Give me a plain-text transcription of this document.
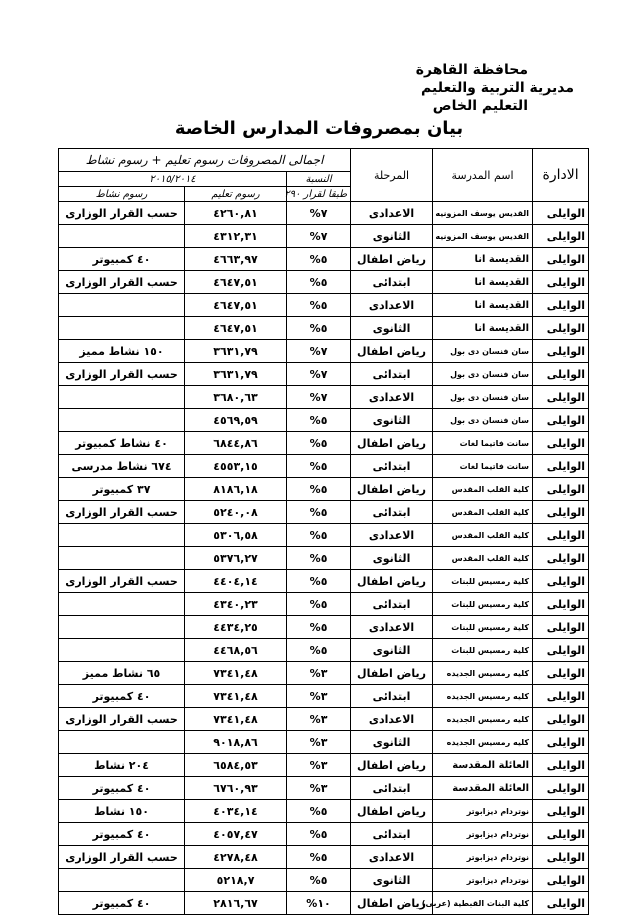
محافظة القاهرة
مديرية التربية والتعليم
التعليم الخاص
بيان بمصروفات المدارس الخاصة
الادارة	اسم المدرسة	المرحلة	اجمالى المصروفات رسوم تعليم + رسوم نشاط		
			النسبة	٢٠١٥/٢٠١٤	
			طبقا لقرار ٢٩٠	رسوم تعليم	رسوم نشاط
الوايلى	القديس يوسف المزونيه	الاعدادى	٧%	٤٢٦٠,٨١	حسب القرار الوزارى
الوايلى	القديس يوسف المزونيه	الثانوى	٧%	٤٣١٢,٣١	
الوايلى	القديسة انا	رياض اطفال	٥%	٤٦٦٣,٩٧	٤٠ كمبيوتر
الوايلى	القديسة انا	ابتدائى	٥%	٤٦٤٧,٥١	حسب القرار الوزارى
الوايلى	القديسة انا	الاعدادى	٥%	٤٦٤٧,٥١	
الوايلى	القديسة انا	الثانوى	٥%	٤٦٤٧,٥١	
الوايلى	سان فنسان دى بول	رياض اطفال	٧%	٣٦٣١,٧٩	١٥٠ نشاط مميز
الوايلى	سان فنسان دى بول	ابتدائى	٧%	٣٦٣١,٧٩	حسب القرار الوزارى
الوايلى	سان فنسان دى بول	الاعدادى	٧%	٣٦٨٠,٦٣	
الوايلى	سان فنسان دى بول	الثانوى	٥%	٤٥٦٩,٥٩	
الوايلى	سانت فاتيما لغات	رياض اطفال	٥%	٦٨٤٤,٨٦	٤٠ نشاط كمبيوتر
الوايلى	سانت فاتيما لغات	ابتدائى	٥%	٤٥٥٣,١٥	٦٧٤ نشاط مدرسى
الوايلى	كلية القلب المقدس	رياض اطفال	٥%	٨١٨٦,١٨	٣٧ كمبيوتر
الوايلى	كلية القلب المقدس	ابتدائى	٥%	٥٢٤٠,٠٨	حسب القرار الوزارى
الوايلى	كلية القلب المقدس	الاعدادى	٥%	٥٣٠٦,٥٨	
الوايلى	كلية القلب المقدس	الثانوى	٥%	٥٣٧٦,٢٧	
الوايلى	كلية رمسيس للبنات	رياض اطفال	٥%	٤٤٠٤,١٤	حسب القرار الوزارى
الوايلى	كلية رمسيس للبنات	ابتدائى	٥%	٤٣٤٠,٢٣	
الوايلى	كلية رمسيس للبنات	الاعدادى	٥%	٤٤٣٤,٢٥	
الوايلى	كلية رمسيس للبنات	الثانوى	٥%	٤٤٦٨,٥٦	
الوايلى	كليه رمسيس الجديده	رياض اطفال	٣%	٧٣٤١,٤٨	٦٥ نشاط مميز
الوايلى	كليه رمسيس الجديده	ابتدائى	٣%	٧٣٤١,٤٨	٤٠ كمبيوتر
الوايلى	كليه رمسيس الجديده	الاعدادى	٣%	٧٣٤١,٤٨	حسب القرار الوزارى
الوايلى	كليه رمسيس الجديده	الثانوى	٣%	٩٠١٨,٨٦	
الوايلى	العائلة المقدسة	رياض اطفال	٣%	٦٥٨٤,٥٣	٢٠٤ نشاط
الوايلى	العائلة المقدسة	ابتدائى	٣%	٦٧٦٠,٩٣	٤٠ كمبيوتر
الوايلى	نوتردام ديزابوتر	رياض اطفال	٥%	٤٠٣٤,١٤	١٥٠ نشاط
الوايلى	نوتردام ديزابوتر	ابتدائى	٥%	٤٠٥٧,٤٧	٤٠ كمبيوتر
الوايلى	نوتردام ديزابوتر	الاعدادى	٥%	٤٢٧٨,٤٨	حسب القرار الوزارى
الوايلى	نوتردام ديزابوتر	الثانوى	٥%	٥٢١٨,٧	
الوايلى	كلية البنات القبطية (عربى)	رياض اطفال	١٠%	٢٨١٦,٦٧	٤٠ كمبيوتر
